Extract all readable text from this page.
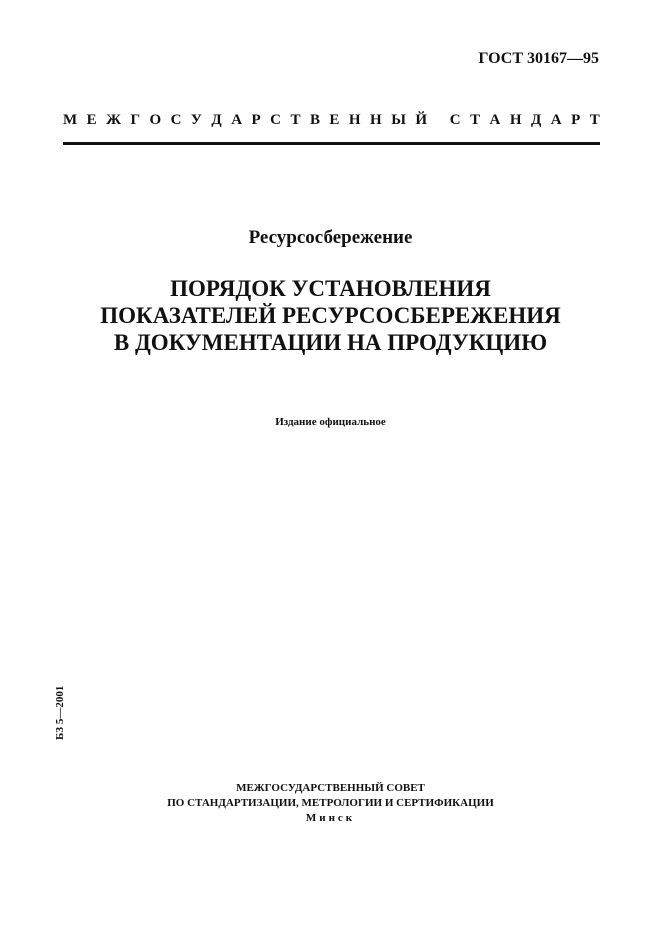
ГОСТ 30167—95
М Е Ж Г О С У Д А Р С Т В Е Н Н Ы Й
С Т А Н Д А Р Т
Ресурсосбережение
ПОРЯДОК УСТАНОВЛЕНИЯ
ПОКАЗАТЕЛЕЙ РЕСУРСОСБЕРЕЖЕНИЯ
В ДОКУМЕНТАЦИИ НА ПРОДУКЦИЮ
Издание официальное
БЗ 5—2001
МЕЖГОСУДАРСТВЕННЫЙ СОВЕТ
ПО СТАНДАРТИЗАЦИИ, МЕТРОЛОГИИ И СЕРТИФИКАЦИИ
Минск
